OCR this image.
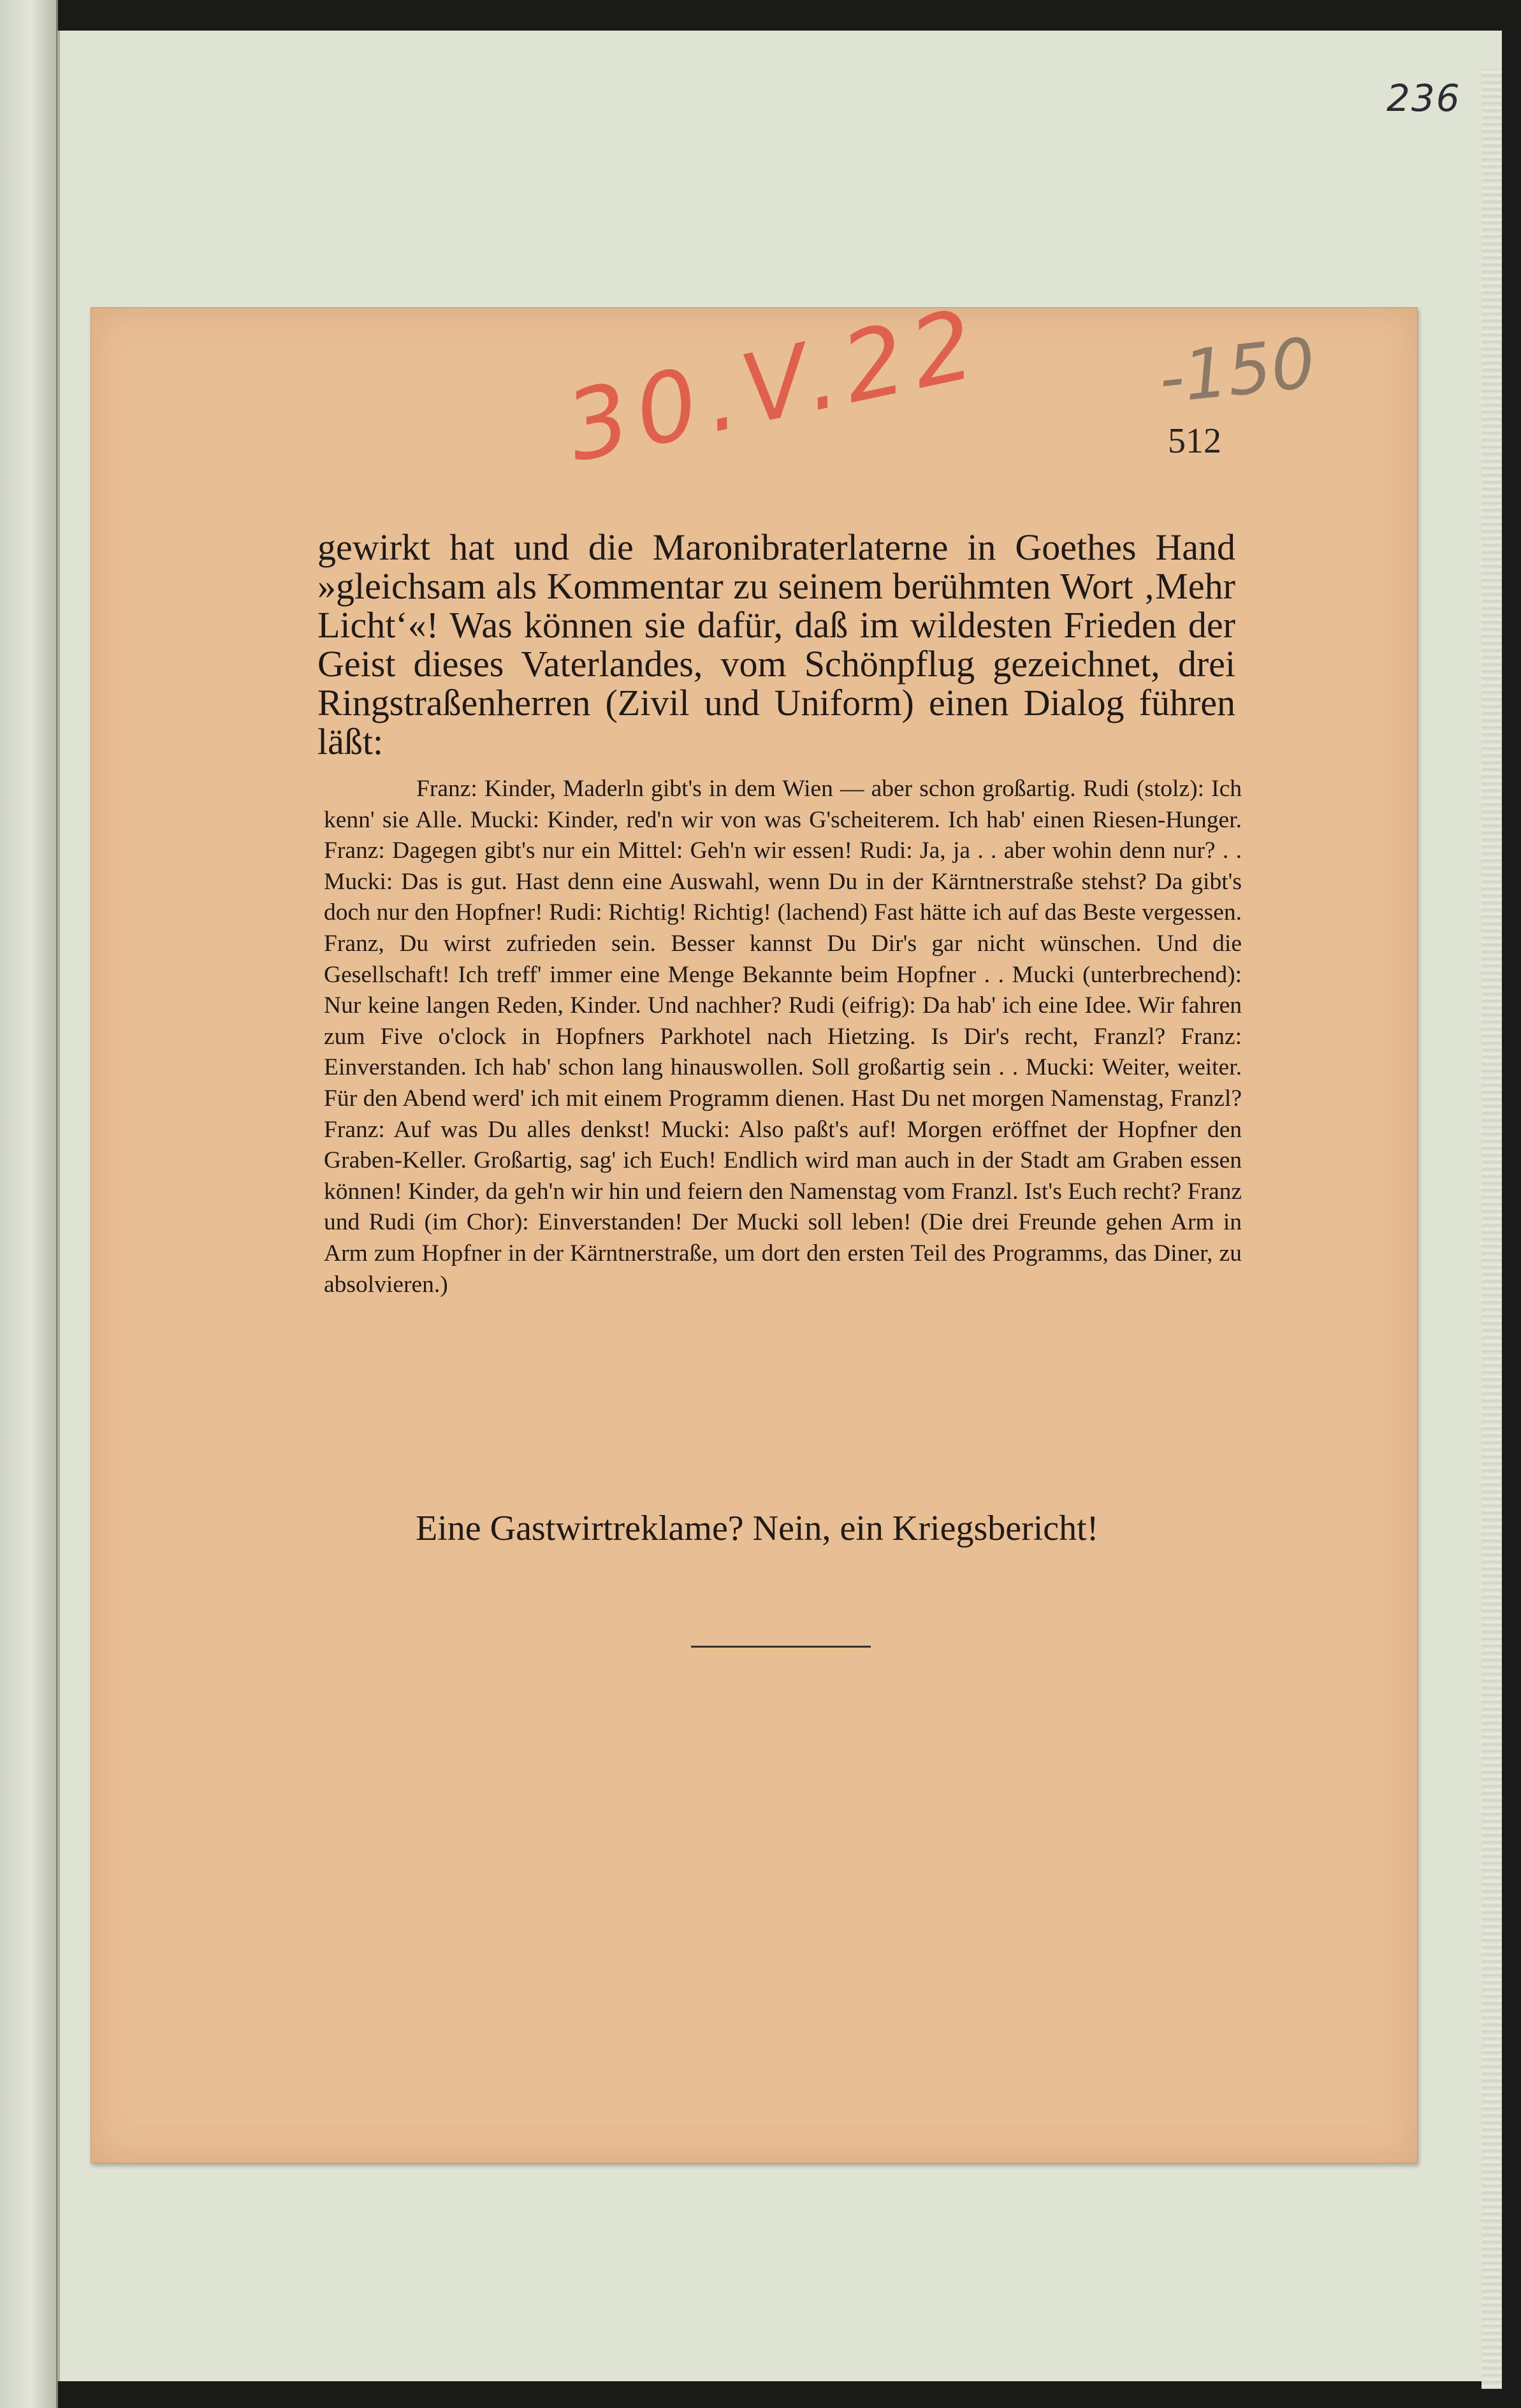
236
30.V.22 -150
512
gewirkt hat und die Maronibraterlaterne in Goethes Hand »gleichsam als Kommentar zu seinem berühmten Wort ‚Mehr Licht‘«! Was können sie dafür, daß im wildesten Frieden der Geist dieses Vaterlandes, vom Schönpflug gezeichnet, drei Ringstraßenherren (Zivil und Uniform) einen Dialog führen läßt:
Franz: Kinder, Maderln gibt's in dem Wien — aber schon großartig. Rudi (stolz): Ich kenn' sie Alle. Mucki: Kinder, red'n wir von was G'scheiterem. Ich hab' einen Riesen-Hunger. Franz: Dagegen gibt's nur ein Mittel: Geh'n wir essen! Rudi: Ja, ja . . aber wohin denn nur? . . Mucki: Das is gut. Hast denn eine Auswahl, wenn Du in der Kärntnerstraße stehst? Da gibt's doch nur den Hopfner! Rudi: Richtig! Richtig! (lachend) Fast hätte ich auf das Beste vergessen. Franz, Du wirst zufrieden sein. Besser kannst Du Dir's gar nicht wünschen. Und die Gesellschaft! Ich treff' immer eine Menge Bekannte beim Hopfner . . Mucki (unterbrechend): Nur keine langen Reden, Kinder. Und nachher? Rudi (eifrig): Da hab' ich eine Idee. Wir fahren zum Five o'clock in Hopfners Parkhotel nach Hietzing. Is Dir's recht, Franzl? Franz: Einverstanden. Ich hab' schon lang hinauswollen. Soll großartig sein . . Mucki: Weiter, weiter. Für den Abend werd' ich mit einem Programm dienen. Hast Du net morgen Namenstag, Franzl? Franz: Auf was Du alles denkst! Mucki: Also paßt's auf! Morgen eröffnet der Hopfner den Graben-Keller. Großartig, sag' ich Euch! Endlich wird man auch in der Stadt am Graben essen können! Kinder, da geh'n wir hin und feiern den Namenstag vom Franzl. Ist's Euch recht? Franz und Rudi (im Chor): Einverstanden! Der Mucki soll leben! (Die drei Freunde gehen Arm in Arm zum Hopfner in der Kärntnerstraße, um dort den ersten Teil des Programms, das Diner, zu absolvieren.)
Eine Gastwirtreklame? Nein, ein Kriegsbericht!
